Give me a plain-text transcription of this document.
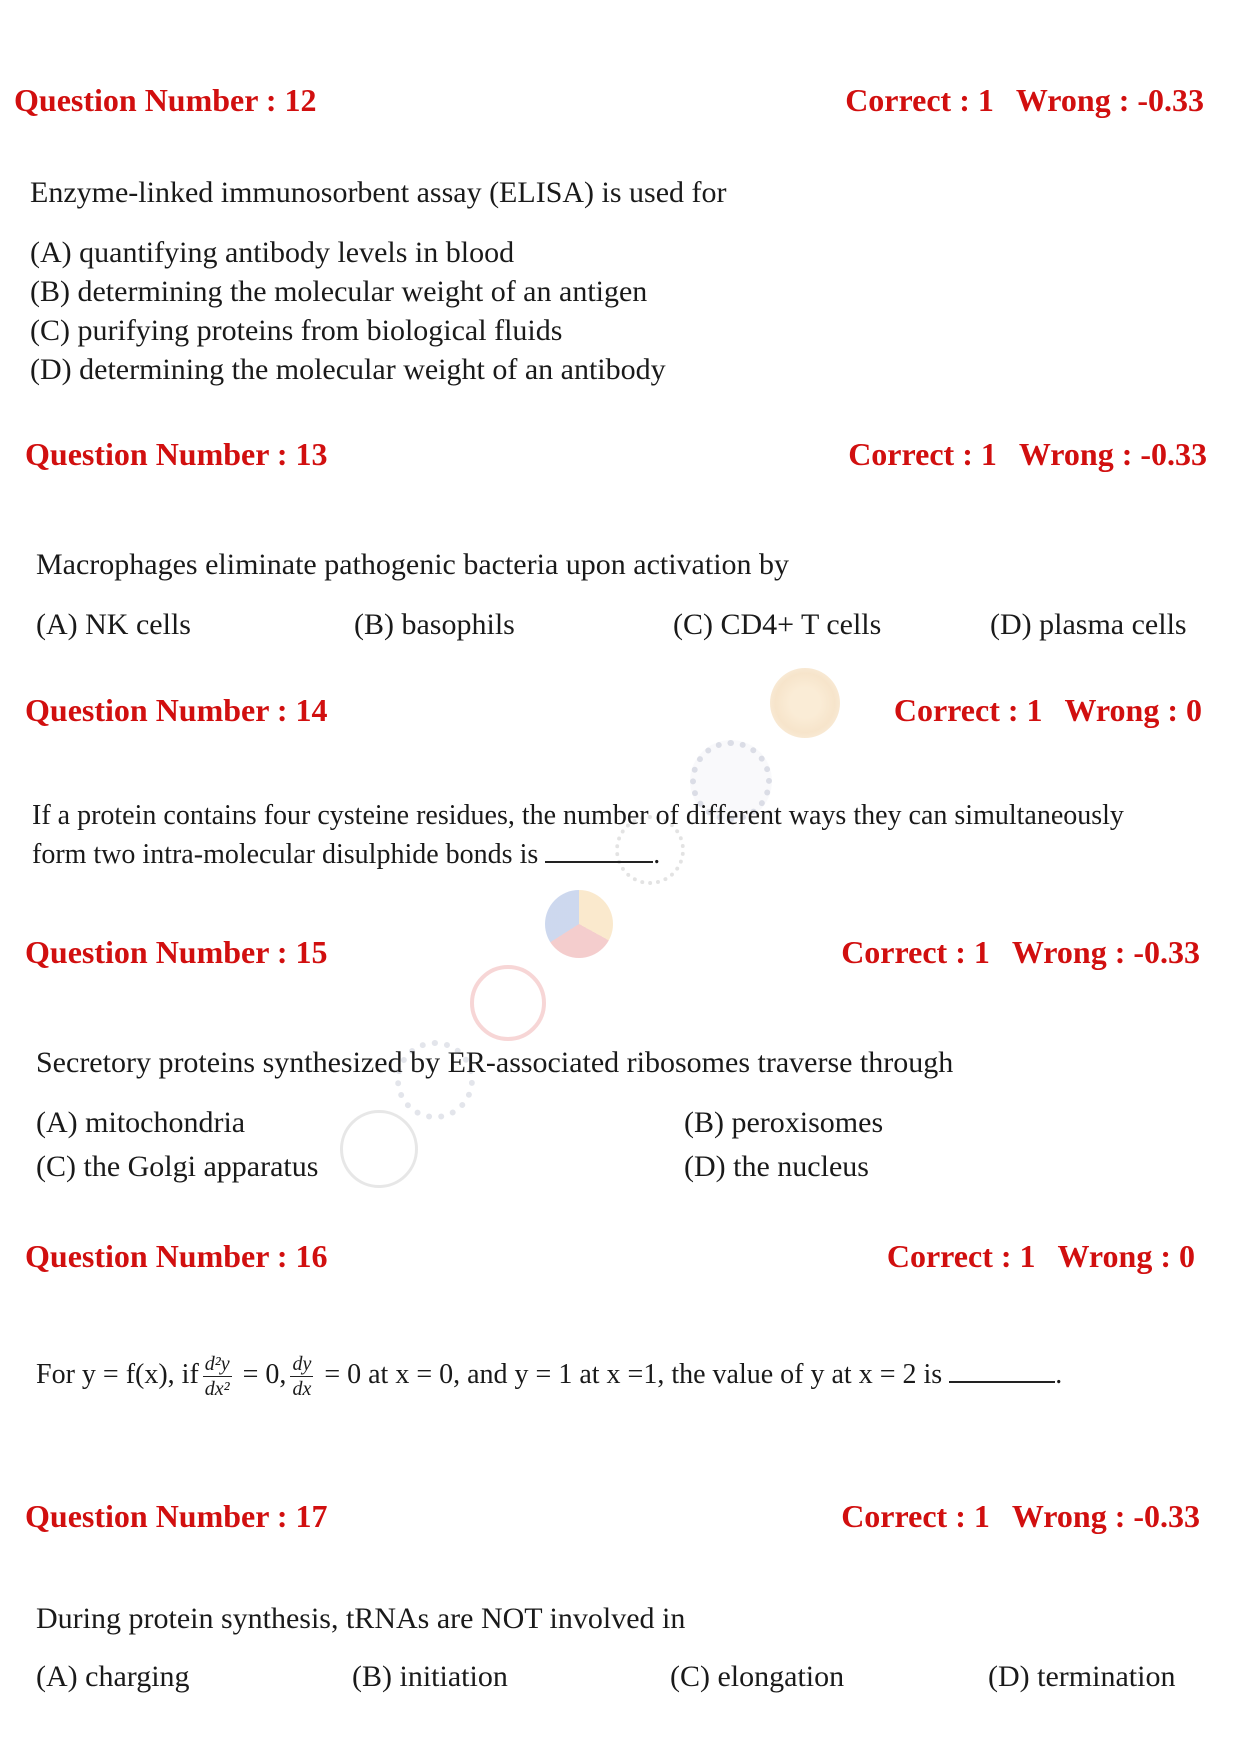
Question Number : 12	Correct : 1 Wrong : -0.33
Enzyme-linked immunosorbent assay (ELISA) is used for
(A) quantifying antibody levels in blood
(B) determining the molecular weight of an antigen
(C) purifying proteins from biological fluids
(D) determining the molecular weight of an antibody
Question Number : 13	Correct : 1 Wrong : -0.33
Macrophages eliminate pathogenic bacteria upon activation by
(A) NK cells	(B) basophils	(C) CD4+ T cells	(D) plasma cells
Question Number : 14	Correct : 1 Wrong : 0
If a protein contains four cysteine residues, the number of different ways they can simultaneously
form two intra-molecular disulphide bonds is	.
Question Number : 15	Correct : 1 Wrong : -0.33
Secretory proteins synthesized by ER-associated ribosomes traverse through
(A) mitochondria	(B) peroxisomes
(C) the Golgi apparatus	(D) the nucleus
Question Number : 16	Correct : 1 Wrong : 0
For y = f(x), if $\frac{\text{d²y}}{\text{dx²}} = 0$, $\frac{dy}{dx} = 0$ at x = 0, and y = 1 at x =1, the value of y at x = 2 is	.
Question Number : 17	Correct : 1 Wrong : -0.33
During protein synthesis, tRNAs are NOT involved in
(A) charging	(B) initiation	(C) elongation	(D) termination
